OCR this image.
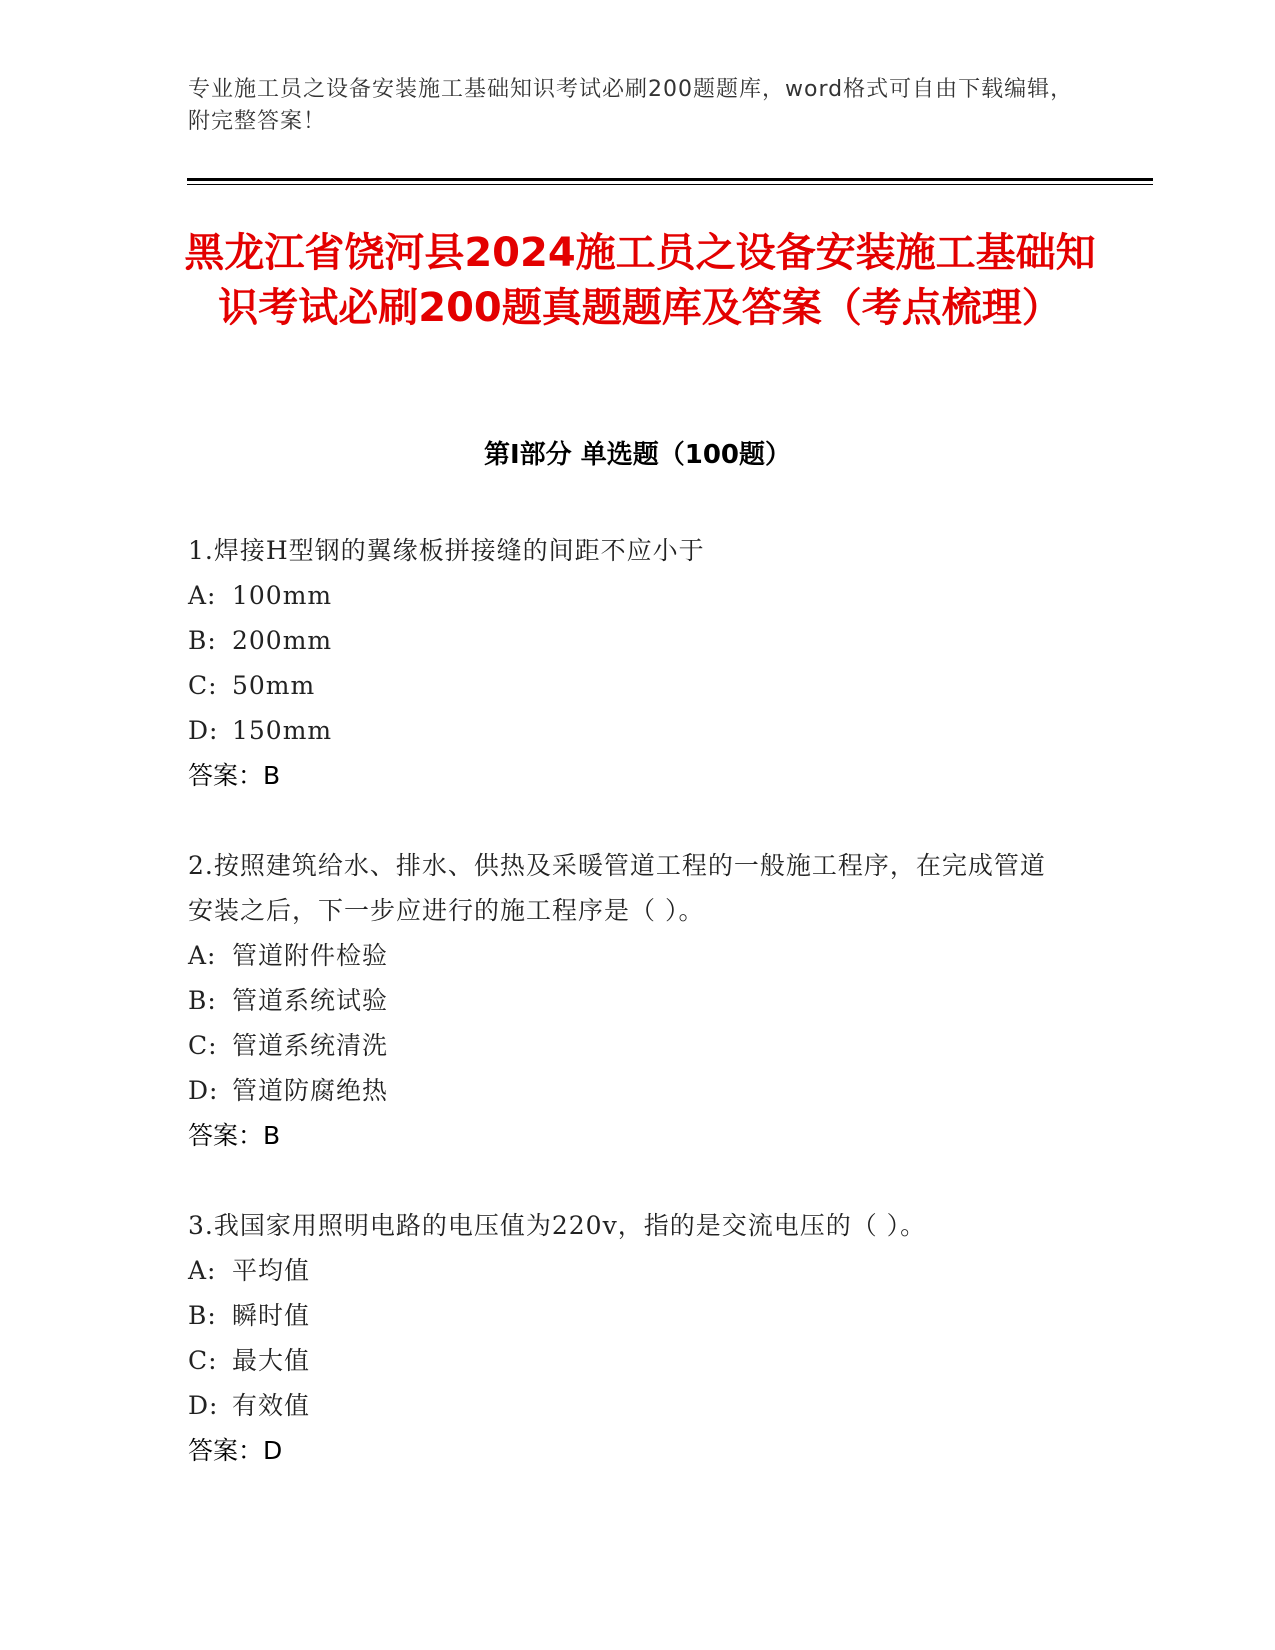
专业施工员之设备安装施工基础知识考试必刷200题题库，word格式可自由下载编辑，附完整答案！
黑龙江省饶河县2024施工员之设备安装施工基础知识考试必刷200题真题题库及答案（考点梳理）
第I部分 单选题（100题）
1.焊接H型钢的翼缘板拼接缝的间距不应小于
A: 100mm
B: 200mm
C: 50mm
D: 150mm
答案：B
2.按照建筑给水、排水、供热及采暖管道工程的一般施工程序，在完成管道安装之后，下一步应进行的施工程序是（ ）。
A: 管道附件检验
B: 管道系统试验
C: 管道系统清洗
D: 管道防腐绝热
答案：B
3.我国家用照明电路的电压值为220v，指的是交流电压的（ ）。
A: 平均值
B: 瞬时值
C: 最大值
D: 有效值
答案：D
